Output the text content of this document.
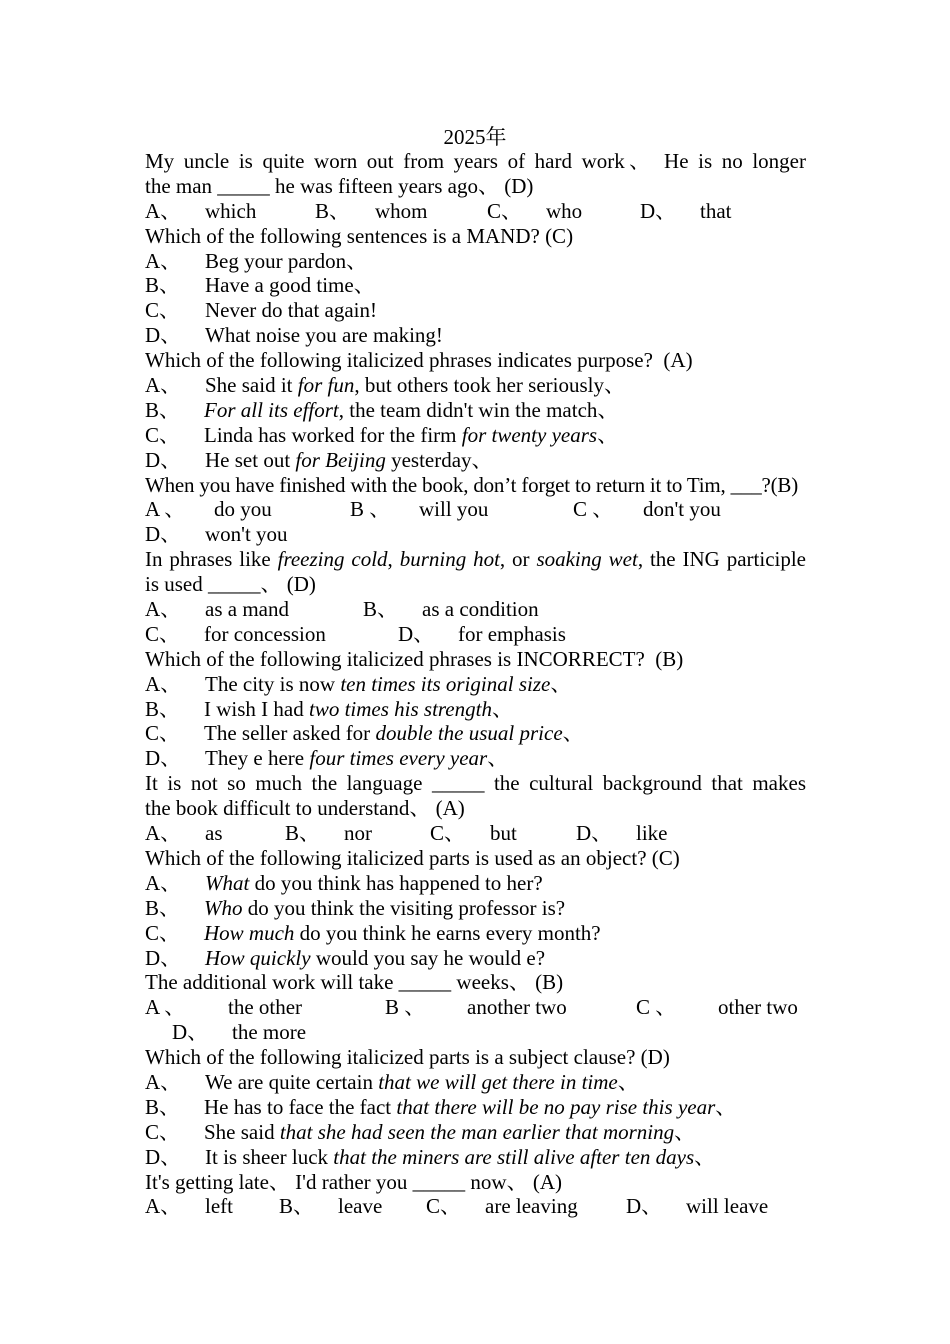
2025年
My uncle is quite worn out from years of hard work、 He is no longer
the man _____ he was fifteen years ago、 (D)
A、 which	B、 whom	C、 who	D、 that
Which of the following sentences is a MAND? (C)
A、 Beg your pardon、
B、 Have a good time、
C、 Never do that again!
D、 What noise you are making!
Which of the following italicized phrases indicates purpose?  (A)
A、 She said it for fun, but others took her seriously、
B、 For all its effort, the team didn't win the match、
C、 Linda has worked for the firm for twenty years、
D、 He set out for Beijing yesterday、
When you have finished with the book, don’t forget to return it to Tim, ___?(B)
A 、 do you	B 、 will you	C 、 don't you
D、 won't you
In phrases like freezing cold, burning hot, or soaking wet, the ING participle
is used _____、 (D)
A、 as a mand	B、 as a condition
C、 for concession	D、 for emphasis
Which of the following italicized phrases is INCORRECT?  (B)
A、 The city is now ten times its original size、
B、 I wish I had two times his strength、
C、 The seller asked for double the usual price、
D、 They e here four times every year、
It is not so much the language _____ the cultural background that makes
the book difficult to understand、 (A)
A、 as	B、 nor	C、 but	D、 like
Which of the following italicized parts is used as an object? (C)
A、 What do you think has happened to her?
B、 Who do you think the visiting professor is?
C、 How much do you think he earns every month?
D、 How quickly would you say he would e?
The additional work will take _____ weeks、 (B)
A 、 the other	B 、 another two	C 、 other two
D、 the more
Which of the following italicized parts is a subject clause? (D)
A、 We are quite certain that we will get there in time、
B、 He has to face the fact that there will be no pay rise this year、
C、 She said that she had seen the man earlier that morning、
D、 It is sheer luck that the miners are still alive after ten days、
It's getting late、 I'd rather you _____ now、 (A)
A、 left B、 leave C、 are leaving D、 will leave
